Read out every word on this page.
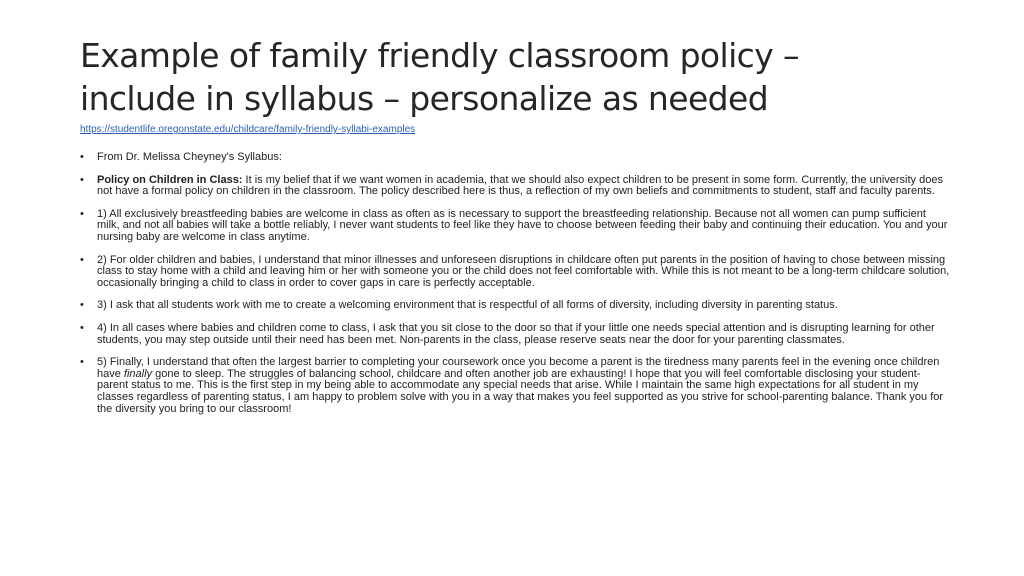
Example of family friendly classroom policy –
include in syllabus – personalize as needed
https://studentlife.oregonstate.edu/childcare/family-friendly-syllabi-examples
• From Dr. Melissa Cheyney's Syllabus:
• Policy on Children in Class: It is my belief that if we want women in academia, that we should also expect children to be present in some form. Currently, the university does not have a formal policy on children in the classroom. The policy described here is thus, a reflection of my own beliefs and commitments to student, staff and faculty parents.
• 1) All exclusively breastfeeding babies are welcome in class as often as is necessary to support the breastfeeding relationship. Because not all women can pump sufficient milk, and not all babies will take a bottle reliably, I never want students to feel like they have to choose between feeding their baby and continuing their education. You and your nursing baby are welcome in class anytime.
• 2) For older children and babies, I understand that minor illnesses and unforeseen disruptions in childcare often put parents in the position of having to chose between missing class to stay home with a child and leaving him or her with someone you or the child does not feel comfortable with. While this is not meant to be a long-term childcare solution, occasionally bringing a child to class in order to cover gaps in care is perfectly acceptable.
• 3) I ask that all students work with me to create a welcoming environment that is respectful of all forms of diversity, including diversity in parenting status.
• 4) In all cases where babies and children come to class, I ask that you sit close to the door so that if your little one needs special attention and is disrupting learning for other students, you may step outside until their need has been met. Non-parents in the class, please reserve seats near the door for your parenting classmates.
• 5) Finally, I understand that often the largest barrier to completing your coursework once you become a parent is the tiredness many parents feel in the evening once children have finally gone to sleep. The struggles of balancing school, childcare and often another job are exhausting! I hope that you will feel comfortable disclosing your student-parent status to me. This is the first step in my being able to accommodate any special needs that arise. While I maintain the same high expectations for all student in my classes regardless of parenting status, I am happy to problem solve with you in a way that makes you feel supported as you strive for school-parenting balance. Thank you for the diversity you bring to our classroom!
